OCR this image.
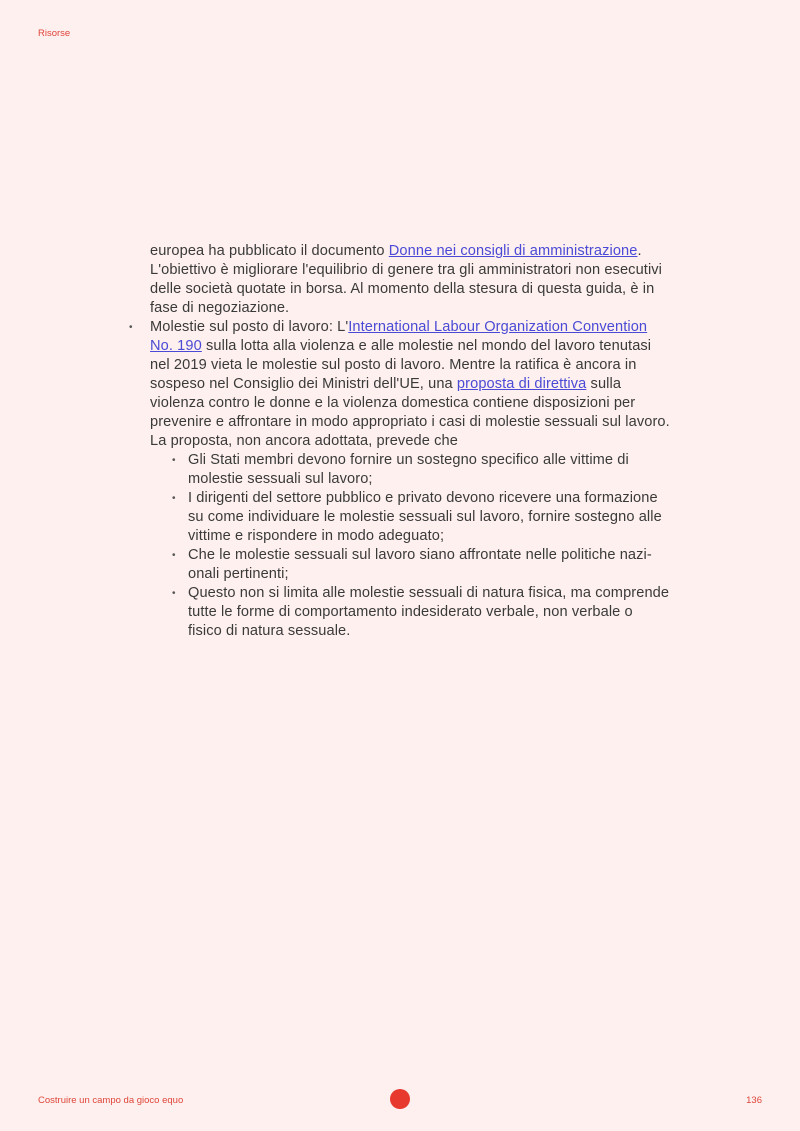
Risorse

europea ha pubblicato il documento Donne nei consigli di amministrazione. L'obiettivo è migliorare l'equilibrio di genere tra gli amministratori non esecutivi delle società quotate in borsa. Al momento della stesura di questa guida, è in fase di negoziazione.

• Molestie sul posto di lavoro: L'International Labour Organization Convention No. 190 sulla lotta alla violenza e alle molestie nel mondo del lavoro tenutasi nel 2019 vieta le molestie sul posto di lavoro. Mentre la ratifica è ancora in sospeso nel Consiglio dei Ministri dell'UE, una proposta di direttiva sulla violenza contro le donne e la violenza domestica contiene disposizioni per prevenire e affrontare in modo appropriato i casi di molestie sessuali sul lavoro. La proposta, non ancora adottata, prevede che
• Gli Stati membri devono fornire un sostegno specifico alle vittime di molestie sessuali sul lavoro;
• I dirigenti del settore pubblico e privato devono ricevere una formazione su come individuare le molestie sessuali sul lavoro, fornire sostegno alle vittime e rispondere in modo adeguato;
• Che le molestie sessuali sul lavoro siano affrontate nelle politiche nazionali pertinenti;
• Questo non si limita alle molestie sessuali di natura fisica, ma comprende tutte le forme di comportamento indesiderato verbale, non verbale o fisico di natura sessuale.
Costruire un campo da gioco equo	136
